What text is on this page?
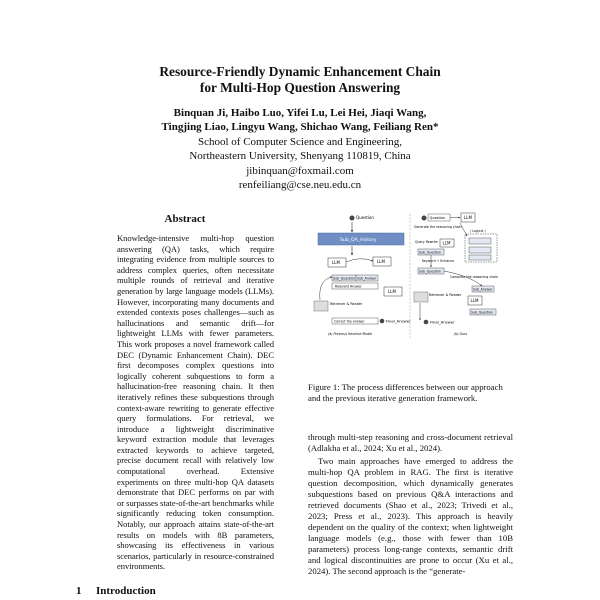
Resource-Friendly Dynamic Enhancement Chain
for Multi-Hop Question Answering
Binquan Ji, Haibo Luo, Yifei Lu, Lei Hei, Jiaqi Wang,
Tingjing Liao, Lingyu Wang, Shichao Wang, Feiliang Ren*
School of Computer Science and Engineering,
Northeastern University, Shenyang 110819, China
jibinquan@foxmail.com
renfeiliang@cse.neu.edu.cn
Abstract

Knowledge-intensive multi-hop question answering (QA) tasks, which require integrating evidence from multiple sources to address complex queries, often necessitate multiple rounds of retrieval and iterative generation by large language models (LLMs). However, incorporating many documents and extended contexts poses challenges—such as hallucinations and semantic drift—for lightweight LLMs with fewer parameters. This work proposes a novel framework called DEC (Dynamic Enhancement Chain). DEC first decomposes complex questions into logically coherent subquestions to form a hallucination-free reasoning chain. It then iteratively refines these subquestions through context-aware rewriting to generate effective query formulations. For retrieval, we introduce a lightweight discriminative keyword extraction module that leverages extracted keywords to achieve targeted, precise document recall with relatively low computational overhead. Extensive experiments on three multi-hop QA datasets demonstrate that DEC performs on par with or surpasses state-of-the-art benchmarks while significantly reducing token consumption. Notably, our approach attains state-of-the-art results on models with 8B parameters, showcasing its effectiveness in various scenarios, particularly in resource-constrained environments.

1 Introduction
Question
Sub_QA_History
LLM	LLM
Sub_Question Sub_Answer
Relevant Answer
LLM
Retriever & Reader
Correct the answer	Final_Answer
(a) Previous Iterative Model
Question	LLM
Generate the reasoning chain
( Logical )
Query Rewrite LLM
Sub_Question
Keyword + Enhance
Sub_Question
Complete the reasoning chain
Retriever & Reader
Sub_Answer
LLM
Sub_Question
Final_Answer
(b) Ours
Figure 1: The process differences between our approach and the previous iterative generation framework.

through multi-step reasoning and cross-document retrieval (Adlakha et al., 2024; Xu et al., 2024).

Two main approaches have emerged to address the multi-hop QA problem in RAG. The first is iterative question decomposition, which dynamically generates subquestions based on previous Q&A interactions and retrieved documents (Shao et al., 2023; Trivedi et al., 2023; Press et al., 2023). This approach is heavily dependent on the quality of the context; when lightweight language models (e.g., those with fewer than 10B parameters) process long-range contexts, semantic drift and logical discontinuities are prone to occur (Xu et al., 2024). The second approach is the “generate-
